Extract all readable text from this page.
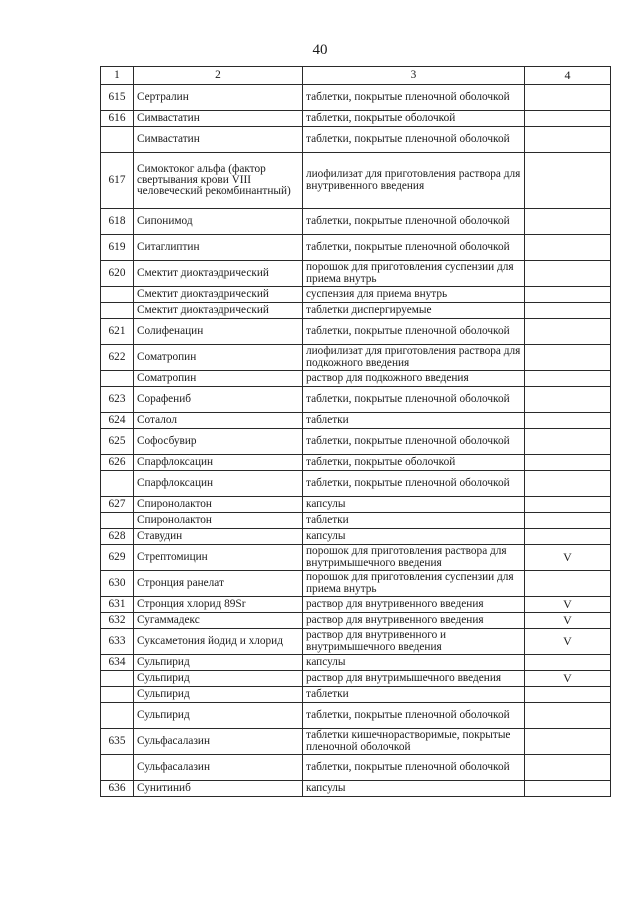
40
1	2	3	4
615	Сертралин	таблетки, покрытые пленочной оболочкой	
616	Симвастатин	таблетки, покрытые оболочкой	
	Симвастатин	таблетки, покрытые пленочной оболочкой	
617	Симоктоког альфа (фактор свертывания крови VIII человеческий рекомбинантный)	лиофилизат для приготовления раствора для внутривенного введения	
618	Сипонимод	таблетки, покрытые пленочной оболочкой	
619	Ситаглиптин	таблетки, покрытые пленочной оболочкой	
620	Смектит диоктаэдрический	порошок для приготовления суспензии для приема внутрь	
	Смектит диоктаэдрический	суспензия для приема внутрь	
	Смектит диоктаэдрический	таблетки диспергируемые	
621	Солифенацин	таблетки, покрытые пленочной оболочкой	
622	Соматропин	лиофилизат для приготовления раствора для подкожного введения	
	Соматропин	раствор для подкожного введения	
623	Сорафениб	таблетки, покрытые пленочной оболочкой	
624	Соталол	таблетки	
625	Софосбувир	таблетки, покрытые пленочной оболочкой	
626	Спарфлоксацин	таблетки, покрытые оболочкой	
	Спарфлоксацин	таблетки, покрытые пленочной оболочкой	
627	Спиронолактон	капсулы	
	Спиронолактон	таблетки	
628	Ставудин	капсулы	
629	Стрептомицин	порошок для приготовления раствора для внутримышечного введения	V
630	Стронция ранелат	порошок для приготовления суспензии для приема внутрь	
631	Стронция хлорид 89Sr	раствор для внутривенного введения	V
632	Сугаммадекс	раствор для внутривенного введения	V
633	Суксаметония йодид и хлорид	раствор для внутривенного и внутримышечного введения	V
634	Сульпирид	капсулы	
	Сульпирид	раствор для внутримышечного введения	V
	Сульпирид	таблетки	
	Сульпирид	таблетки, покрытые пленочной оболочкой	
635	Сульфасалазин	таблетки кишечнорастворимые, покрытые пленочной оболочкой	
	Сульфасалазин	таблетки, покрытые пленочной оболочкой	
636	Сунитиниб	капсулы	
